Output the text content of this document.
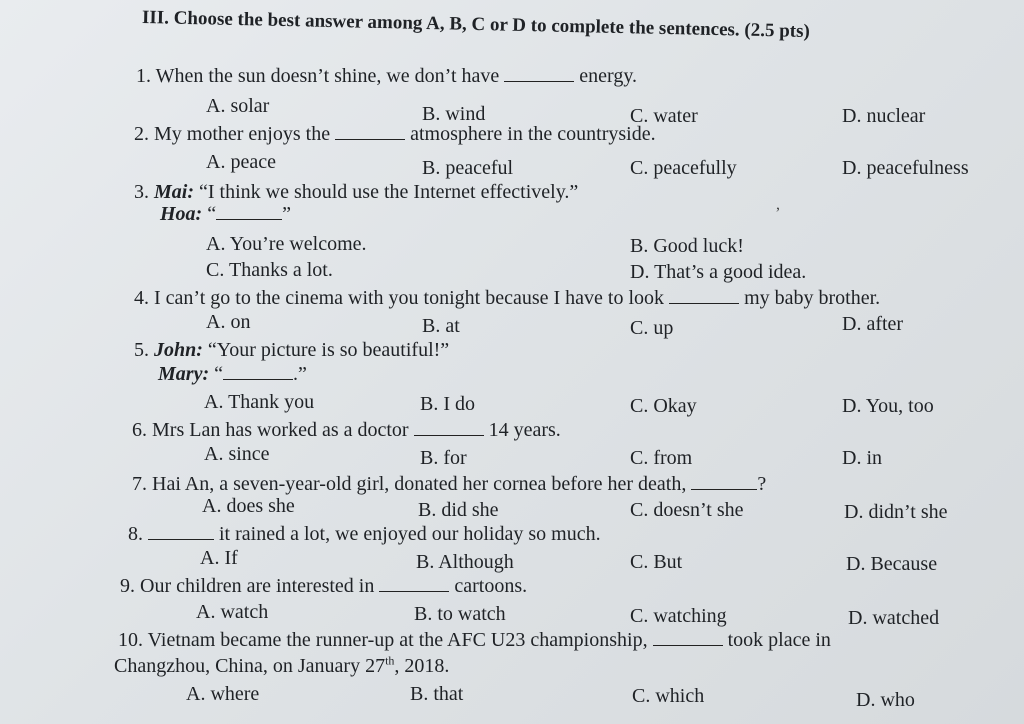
III. Choose the best answer among A, B, C or D to complete the sentences. (2.5 pts)
1. When the sun doesn’t shine, we don’t have	energy.
A. solar	B. wind	C. water	D. nuclear
2. My mother enjoys the	atmosphere in the countryside.
A. peace	B. peaceful	C. peacefully	D. peacefulness
3. Mai: “I think we should use the Internet effectively.”
Hoa: “	”
A. You’re welcome.	B. Good luck!
C. Thanks a lot.	D. That’s a good idea.
,
4. I can’t go to the cinema with you tonight because I have to look	my baby brother.
A. on	B. at	C. up	D. after
5. John: “Your picture is so beautiful!”
Mary: “	.”
A. Thank you	B. I do	C. Okay	D. You, too
6. Mrs Lan has worked as a doctor	14 years.
A. since	B. for	C. from	D. in
7. Hai An, a seven-year-old girl, donated her cornea before her death,	?
A. does she	B. did she	C. doesn’t she	D. didn’t she
8.	it rained a lot, we enjoyed our holiday so much.
A. If	B. Although	C. But	D. Because
9. Our children are interested in	cartoons.
A. watch	B. to watch	C. watching	D. watched
10. Vietnam became the runner-up at the AFC U23 championship,	took place in
Changzhou, China, on January 27th, 2018.
A. where	B. that	C. which	D. who
